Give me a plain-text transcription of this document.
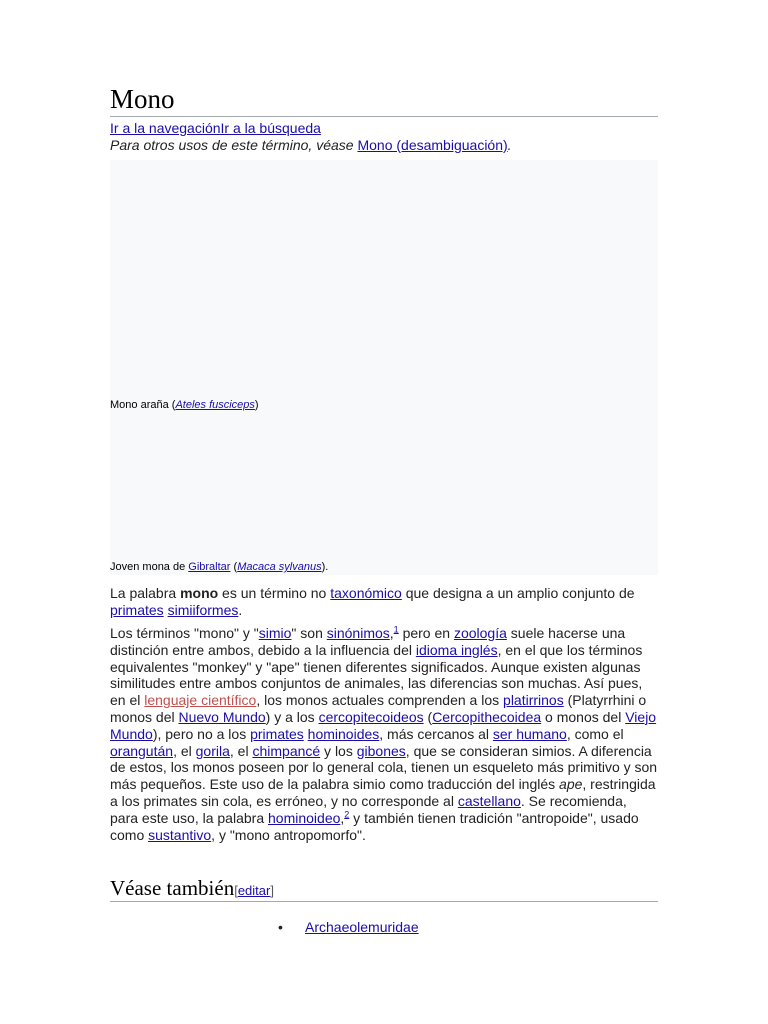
Mono
Ir a la navegaciónIr a la búsqueda
Para otros usos de este término, véase Mono (desambiguación).
Mono araña (Ateles fusciceps)
Joven mona de Gibraltar (Macaca sylvanus).
La palabra mono es un término no taxonómico que designa a un amplio conjunto de primates simiiformes.
Los términos "mono" y "simio" son sinónimos,$^1$ pero en zoología suele hacerse una distinción entre ambos, debido a la influencia del idioma inglés, en el que los términos equivalentes "monkey" y "ape" tienen diferentes significados. Aunque existen algunas similitudes entre ambos conjuntos de animales, las diferencias son muchas. Así pues, en el lenguaje científico, los monos actuales comprenden a los platirrinos (Platyrrhini o monos del Nuevo Mundo) y a los cercopitecoideos (Cercopithecoidea o monos del Viejo Mundo), pero no a los primates hominoides, más cercanos al ser humano, como el orangután, el gorila, el chimpancé y los gibones, que se consideran simios. A diferencia de estos, los monos poseen por lo general cola, tienen un esqueleto más primitivo y son más pequeños. Este uso de la palabra simio como traducción del inglés ape, restringida a los primates sin cola, es erróneo, y no corresponde al castellano. Se recomienda, para este uso, la palabra hominoideo,$^2$ y también tienen tradición "antropoide", usado como sustantivo, y "mono antropomorfo".
Véase también[editar]
• Archaeolemuridae
